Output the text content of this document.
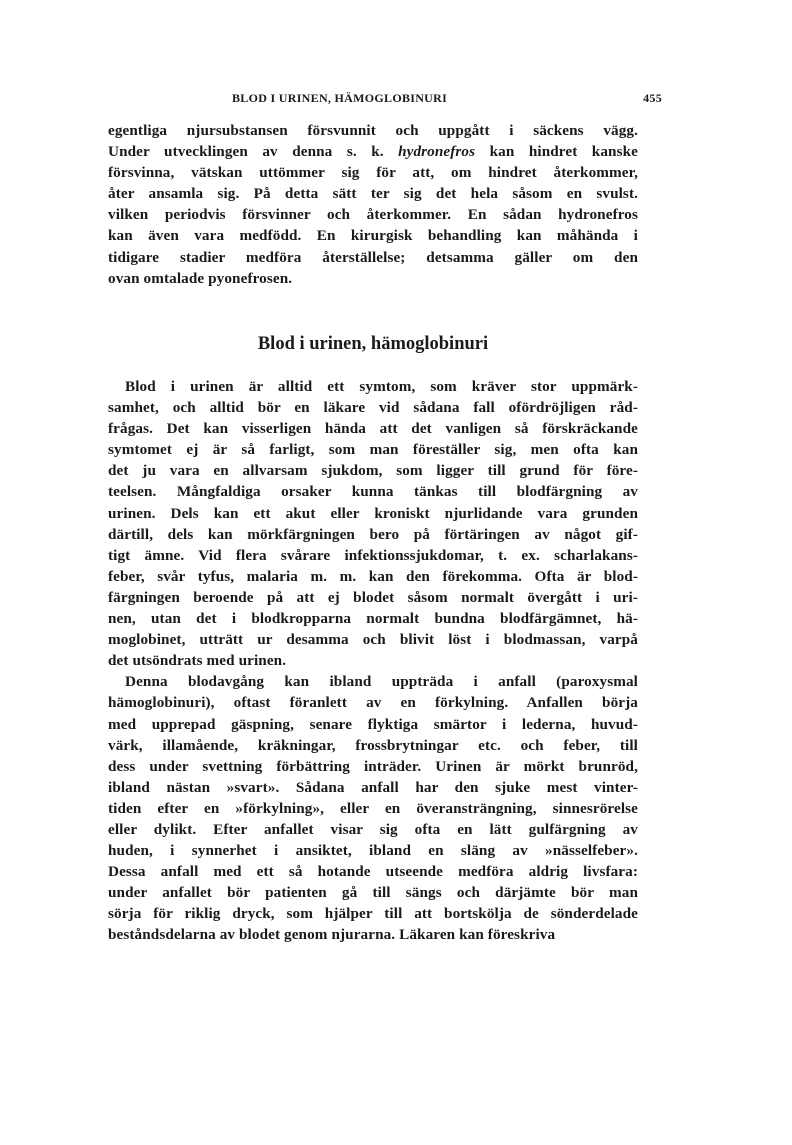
BLOD I URINEN, HÄMOGLOBINURI	455
egentliga njursubstansen försvunnit och uppgått i säckens vägg.
Under utvecklingen av denna s. k. hydronefros kan hindret kanske
försvinna, vätskan uttömmer sig för att, om hindret återkommer,
åter ansamla sig. På detta sätt ter sig det hela såsom en svulst.
vilken periodvis försvinner och återkommer. En sådan hydronefros
kan även vara medfödd. En kirurgisk behandling kan måhända i
tidigare stadier medföra återställelse; detsamma gäller om den
ovan omtalade pyonefrosen.
Blod i urinen, hämoglobinuri
Blod i urinen är alltid ett symtom, som kräver stor uppmärk-
samhet, och alltid bör en läkare vid sådana fall ofördröjligen råd-
frågas. Det kan visserligen hända att det vanligen så förskräckande
symtomet ej är så farligt, som man föreställer sig, men ofta kan
det ju vara en allvarsam sjukdom, som ligger till grund för före-
teelsen. Mångfaldiga orsaker kunna tänkas till blodfärgning av
urinen. Dels kan ett akut eller kroniskt njurlidande vara grunden
därtill, dels kan mörkfärgningen bero på förtäringen av något gif-
tigt ämne. Vid flera svårare infektionssjukdomar, t. ex. scharlakans-
feber, svår tyfus, malaria m. m. kan den förekomma. Ofta är blod-
färgningen beroende på att ej blodet såsom normalt övergått i uri-
nen, utan det i blodkropparna normalt bundna blodfärgämnet, hä-
moglobinet, utträtt ur desamma och blivit löst i blodmassan, varpå
det utsöndrats med urinen.
Denna blodavgång kan ibland uppträda i anfall (paroxysmal
hämoglobinuri), oftast föranlett av en förkylning. Anfallen börja
med upprepad gäspning, senare flyktiga smärtor i lederna, huvud-
värk, illamående, kräkningar, frossbrytningar etc. och feber, till
dess under svettning förbättring inträder. Urinen är mörkt brunröd,
ibland nästan »svart». Sådana anfall har den sjuke mest vinter-
tiden efter en »förkylning», eller en överansträngning, sinnesrörelse
eller dylikt. Efter anfallet visar sig ofta en lätt gulfärgning av
huden, i synnerhet i ansiktet, ibland en släng av »nässelfeber».
Dessa anfall med ett så hotande utseende medföra aldrig livsfara:
under anfallet bör patienten gå till sängs och därjämte bör man
sörja för riklig dryck, som hjälper till att bortskölja de sönderdelade
beståndsdelarna av blodet genom njurarna. Läkaren kan föreskriva
